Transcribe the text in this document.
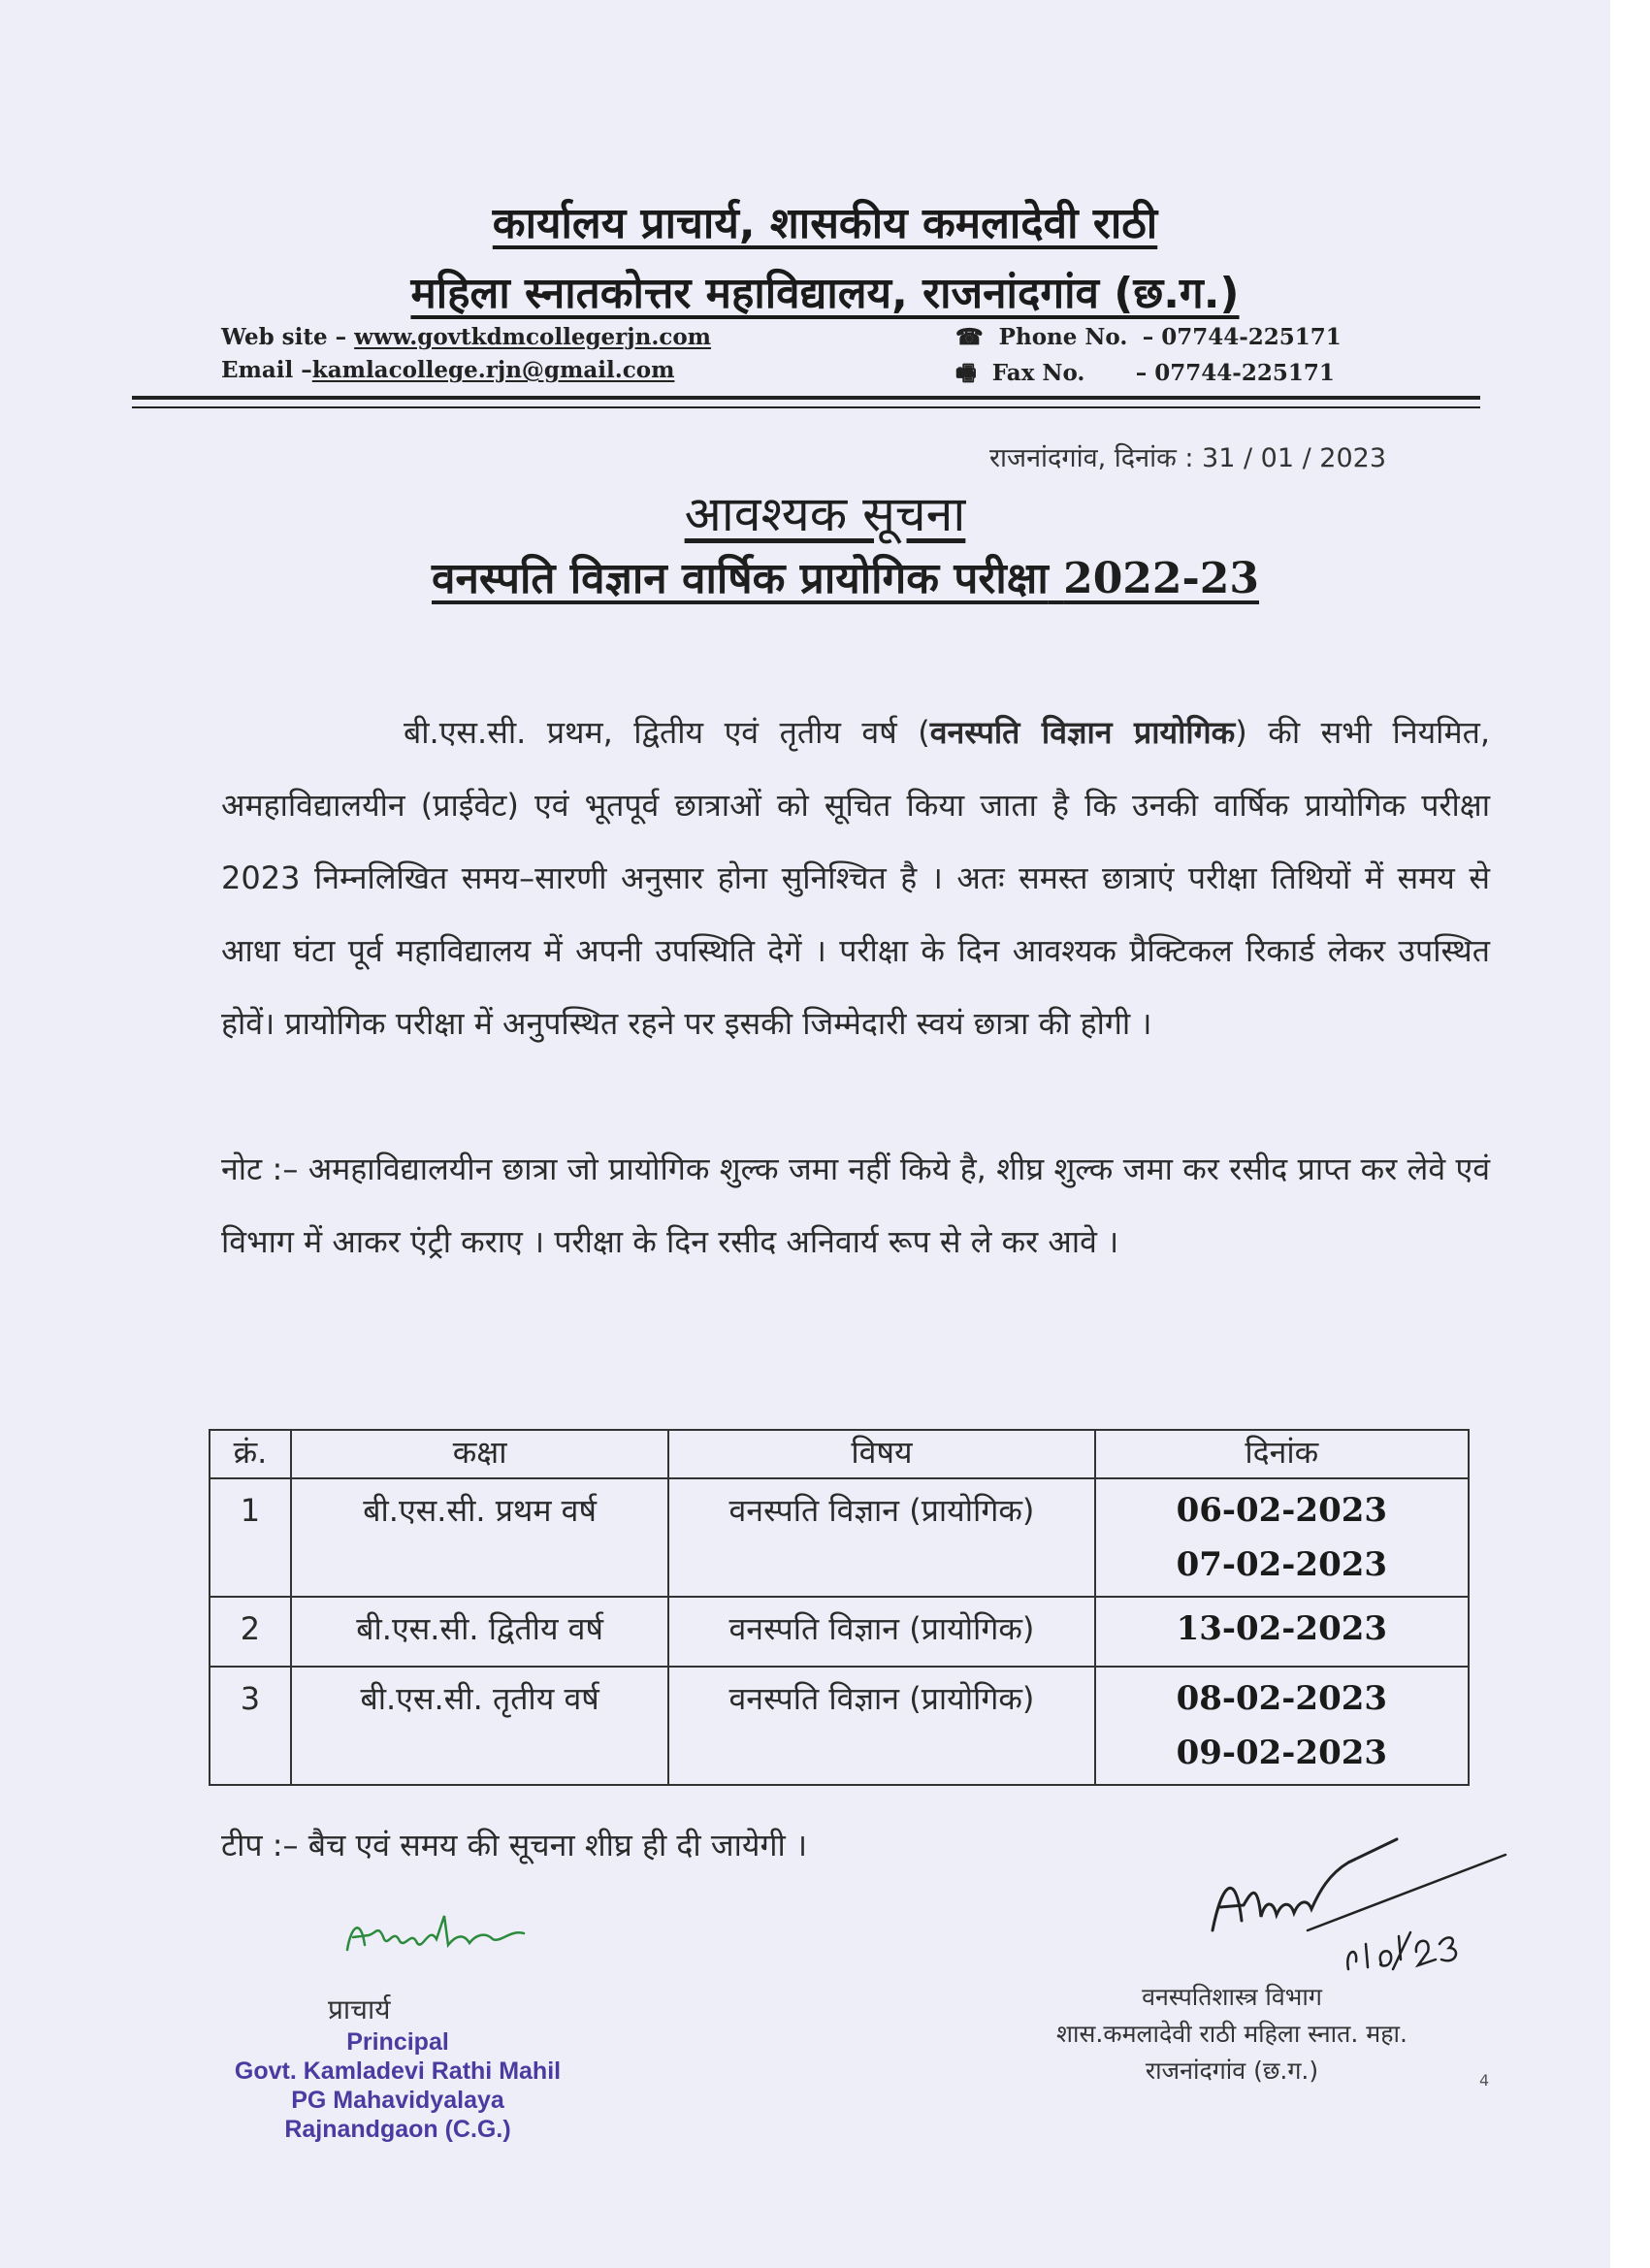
कार्यालय प्राचार्य, शासकीय कमलादेवी राठी
महिला स्नातकोत्तर महाविद्यालय, राजनांदगांव (छ.ग.)
Web site – www.govtkdmcollegerjn.com
Email –kamlacollege.rjn@gmail.com
☎ Phone No. – 07744-225171
🖷 Fax No. – 07744-225171
राजनांदगांव, दिनांक : 31 / 01 / 2023
आवश्यक सूचना
वनस्पति विज्ञान वार्षिक प्रायोगिक परीक्षा 2022-23
बी.एस.सी. प्रथम, द्वितीय एवं तृतीय वर्ष (वनस्पति विज्ञान प्रायोगिक) की सभी नियमित, अमहाविद्यालयीन (प्राईवेट) एवं भूतपूर्व छात्राओं को सूचित किया जाता है कि उनकी वार्षिक प्रायोगिक परीक्षा 2023 निम्नलिखित समय–सारणी अनुसार होना सुनिश्चित है । अतः समस्त छात्राएं परीक्षा तिथियों में समय से आधा घंटा पूर्व महाविद्यालय में अपनी उपस्थिति देगें । परीक्षा के दिन आवश्यक प्रैक्टिकल रिकार्ड लेकर उपस्थित होवें। प्रायोगिक परीक्षा में अनुपस्थित रहने पर इसकी जिम्मेदारी स्वयं छात्रा की होगी ।
नोट :– अमहाविद्यालयीन छात्रा जो प्रायोगिक शुल्क जमा नहीं किये है, शीघ्र शुल्क जमा कर रसीद प्राप्त कर लेवे एवं विभाग में आकर एंट्री कराए । परीक्षा के दिन रसीद अनिवार्य रूप से ले कर आवे ।
क्रं.	कक्षा	विषय	दिनांक
1	बी.एस.सी. प्रथम वर्ष	वनस्पति विज्ञान (प्रायोगिक)	06-02-2023
07-02-2023

2	बी.एस.सी. द्वितीय वर्ष	वनस्पति विज्ञान (प्रायोगिक)	13-02-2023

3	बी.एस.सी. तृतीय वर्ष	वनस्पति विज्ञान (प्रायोगिक)	08-02-2023
09-02-2023
टीप :– बैच एवं समय की सूचना शीघ्र ही दी जायेगी ।
प्राचार्य
Principal
Govt. Kamladevi Rathi Mahil
PG Mahavidyalaya
Rajnandgaon (C.G.)
वनस्पतिशास्त्र विभाग
शास.कमलादेवी राठी महिला स्नात. महा.
राजनांदगांव (छ.ग.)	4
